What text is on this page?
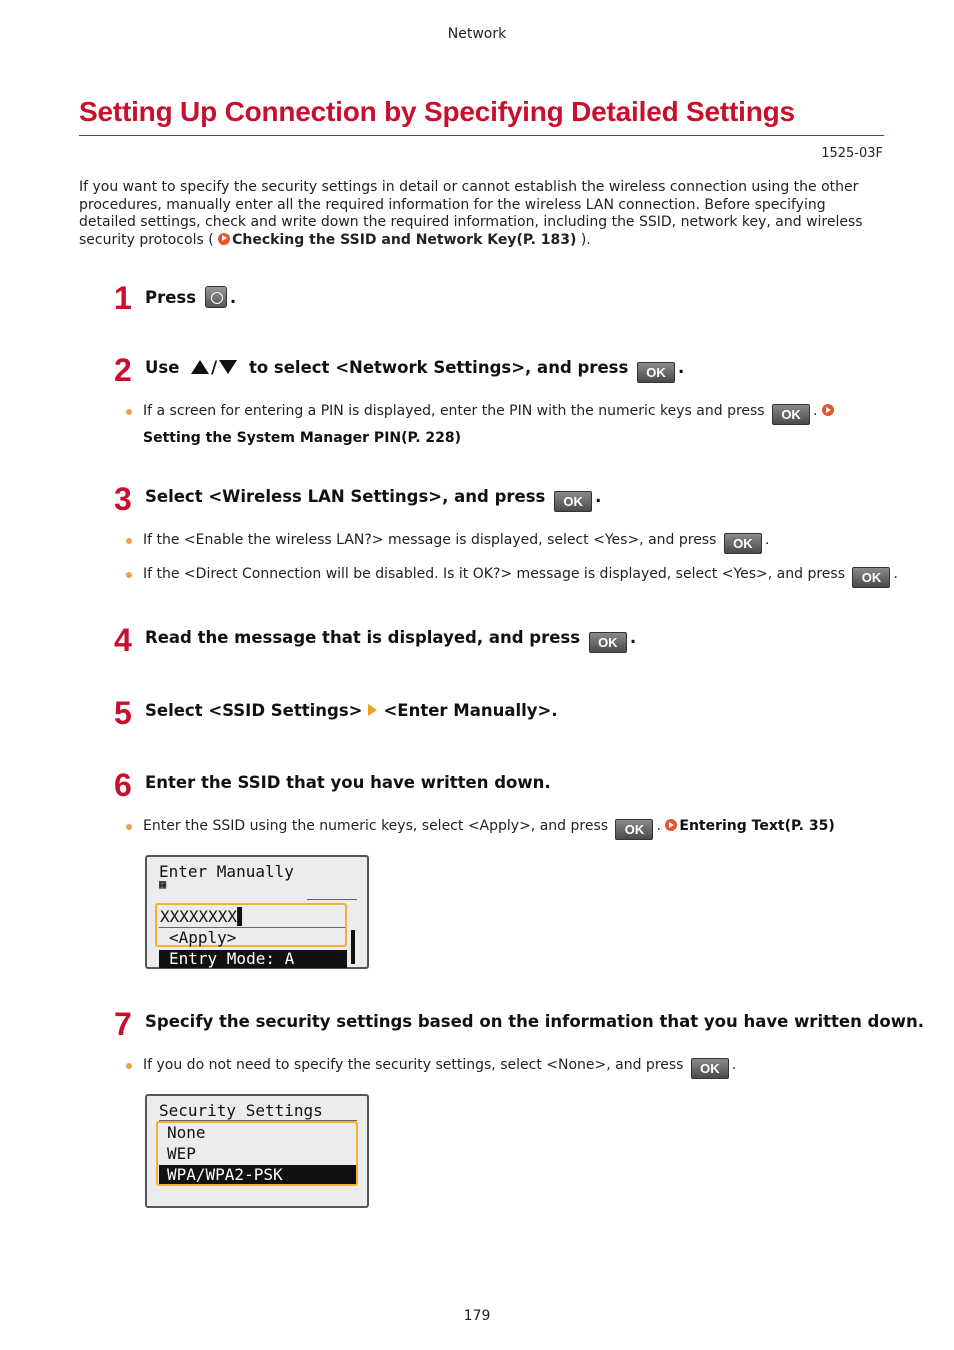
Network
Setting Up Connection by Specifying Detailed Settings
1525-03F

If you want to specify the security settings in detail or cannot establish the wireless connection using the other procedures, manually enter all the required information for the wireless LAN connection. Before specifying detailed settings, check and write down the required information, including the SSID, network key, and wireless security protocols ( Checking the SSID and Network Key(P. 183) ).

1 Press .
2 Use / to select <Network Settings>, and press OK .
If a screen for entering a PIN is displayed, enter the PIN with the numeric keys and press OK . Setting the System Manager PIN(P. 228)
3 Select <Wireless LAN Settings>, and press OK .
If the <Enable the wireless LAN?> message is displayed, select <Yes>, and press OK .
If the <Direct Connection will be disabled. Is it OK?> message is displayed, select <Yes>, and press OK .
4 Read the message that is displayed, and press OK .
5 Select <SSID Settings> <Enter Manually>.
6 Enter the SSID that you have written down.
Enter the SSID using the numeric keys, select <Apply>, and press OK . Entering Text(P. 35)
Enter Manually
▦
XXXXXXXX▌
<Apply>
Entry Mode: A
7 Specify the security settings based on the information that you have written down.
If you do not need to specify the security settings, select <None>, and press OK .
Security Settings
None
WEP
WPA/WPA2-PSK
179
